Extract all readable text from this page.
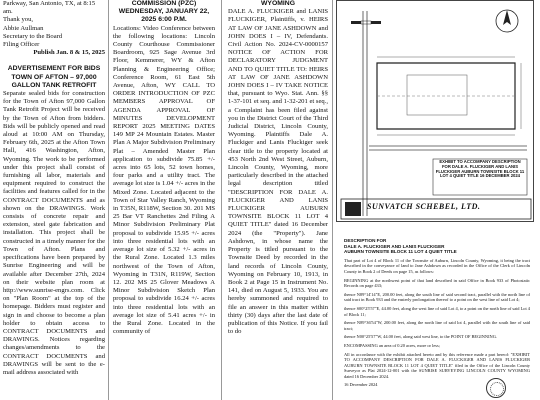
Parkway, San Antonio, TX, at 8:15

am.

Thank you,

Abbie Aullman

Secretary to the Board

Filing Officer

Publish Jan. 8 & 15, 2025

ADVERTISEMENT FOR BIDS TOWN OF AFTON – 97,000 GALLON TANK RETROFIT

Separate sealed bids for construction for the Town of Afton 97,000 Gallon Tank Retrofit Project will be received by the Town of Afton from bidders. Bids will be publicly opened and read aloud at 10:00 AM on Thursday, February 6th, 2025 at the Afton Town Hall, 416 Washington, Afton, Wyoming. The work to be performed under this project shall consist of furnishing all labor, materials and equipment required to construct the facilities and features called for in the CONTRACT DOCUMENTS and as shown on the DRAWINGS. Work consists of concrete repair and extension, steel gate fabrication and installation. This project shall be constructed in a timely manner for the Town of Afton. Plans and specifications have been prepared by Sunrise Engineering and will be available after December 27th, 2024 on their website plan room at http://www.sunrise-engrs.com. Click on "Plan Room" at the top of the homepage. Bidders must register and sign in and choose to become a plan holder to obtain access to CONTRACT DOCUMENTS and DRAWINGS. Notices regarding changes/amendments to the CONTRACT DOCUMENTS and DRAWINGS will be sent to the e-mail address associated with

COMMISSION (PZC) WEDNESDAY, JANUARY 22, 2025 6:00 P.M.

Locations: Video Conference between the following locations: Lincoln County Courthouse Commissioner Boardroom, 925 Sage Avenue 3rd Floor, Kemmerer, WY & Afton Planning & Engineering Office; Conference Room, 61 East 5th Avenue, Afton, WY CALL TO ORDER INTRODUCTION OF PZC MEMBERS APPROVAL OF AGENDA APPROVAL OF MINUTES DEVELOPMENT REPORT 2025 MEETING DATES 149 MP 24 Mountain Estates. Master Plan A Major Subdivision Preliminary Plat – Amended Master Plan application to subdivide 75.85 +/- acres into 65 lots, 52 town homes, four parks and a utility tract. The average lot size is 1.04 +/- acres in the Mixed Zone. Located adjacent to the Town of Star Valley Ranch, Wyoming in T35N, R118W, Section 30. 201 MS 25 Bar VT Ranchettes 2nd Filing A Minor Subdivision Preliminary Plat proposal to subdivide 15.95 +/- acres into three residential lots with an average lot size of 5.32 +/- acres in the Rural Zone. Located 1.3 miles northwest of the Town of Afton, Wyoming in T31N, R119W, Section 12. 202 MS 25 Glover Meadows A Minor Subdivision Sketch Plan proposal to subdivide 16.24 +/- acres into three residential lots with an average lot size of 5.41 acres +/- in the Rural Zone. Located in the community of

WYOMING

DALE A. FLUCKIGER and LANIS FLUCKIGER, Plaintiffs, v. HEIRS AT LAW OF JANE ASHDOWN and JOHN DOES I – IV, Defendants. Civil Action No. 2024-CV-0000157 NOTICE OF ACTION FOR DECLARATORY JUDGMENT AND TO QUIET TITLE TO: HEIRS AT LAW OF JANE ASHDOWN JOHN DOES I – IV TAKE NOTICE that, pursuant to Wyo. Stat. Ann. §§ 1-37-101 et seq. and 1-32-201 et seq., a Complaint has been filed against you in the District Court of the Third Judicial District, Lincoln County, Wyoming. Plaintiffs Dale A. Fluckiger and Lanis Fluckiger seek clear title to the property located at 453 North 2nd West Street, Auburn, Lincoln County, Wyoming, more particularly described in the attached legal description titled "DESCRIPTION FOR DALE A. FLUCKIGER AND LANIS FLUCKIGER AUBURN TOWNSITE BLOCK 11 LOT 4 QUIET TITLE" dated 16 December 2024 (the "Property"). Jane Ashdown, in whose name the Property is titled pursuant to the Townsite Deed by recorded in the land records of Lincoln County, Wyoming on February 10, 1913, in Book 2 at Page 15 in Instrument No. 141, died on August 5, 1933. You are hereby summoned and required to file an answer in this matter within thirty (30) days after the last date of publication of this Notice. If you fail to do

EXHIBIT TO ACCOMPANY DESCRIPTION FOR DALE A. FLUCKIGER AND LANIS FLUCKIGER AUBURN TOWNSITE BLOCK 11 LOT 4 QUIET TITLE 16 DECEMBER 2024
SUNVATCH SCHEBEL, LTD.

DESCRIPTION FOR

DALE A. FLUCKIGER AND LANIS FLUCKIGER

AUBURN TOWNSITE BLOCK 11 LOT 4 QUIET TITLE

That part of Lot 4 of Block 11 of the Townsite of Auburn, Lincoln County, Wyoming, it being the tract described in the conveyance of land to Jane Ashdown as recorded in the Office of the Clerk of Lincoln County in Book 2 of Deeds on page 15, as follows:

BEGINNING at the northwest point of that land described in said Office in Book 933 of Photostatic Records on page 433;

thence N89°14'14"E, 200.00 feet, along the south line of said second tract, parallel with the north line of said tract in Book 933 and the easterly prolongation thereof to a point on the west line of said Lot 4;

thence S00°25'57"E, 44.00 feet, along the west line of said Lot 4, to a point on the north line of said Lot 4 of Block 11;

thence N89°36'54"W, 200.00 feet, along the north line of said lot 4, parallel with the south line of said tract;

thence N00°25'57"W, 44.00 feet, along said west line, to the POINT OF BEGINNING.

ENCOMPASSING an area of 0.20 acres, more or less;

All in accordance with the exhibit attached hereto and by this reference made a part hereof: "EXHIBIT TO ACCOMPANY DESCRIPTION FOR DALE A. FLUCKIGER AND LANIS FLUCKIGER AUBURN TOWNSITE BLOCK 11 LOT 4 QUIET TITLE" filed in the Office of the Lincoln County Surveyor as Plat 2024-12-001 with the SUNRISE SURVEYING LINCOLN COUNTY WYOMING dated 16 December 2024.

16 December 2024
